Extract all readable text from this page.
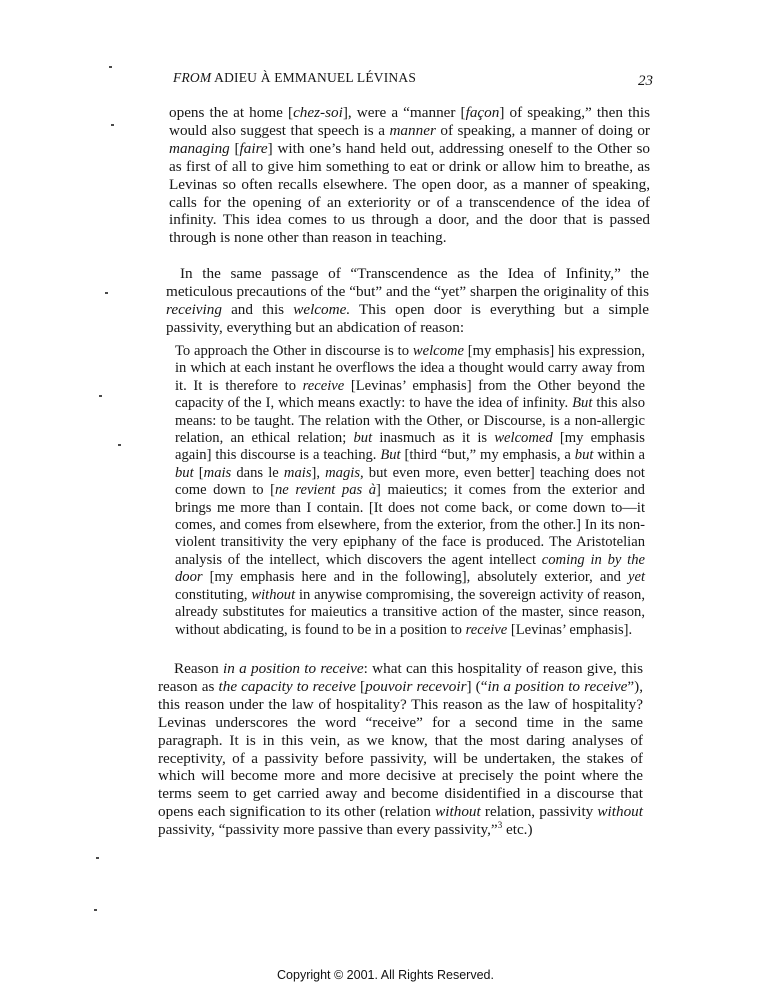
FROM ADIEU À EMMANUEL LÉVINAS	23

opens the at home [chez-soi], were a “manner [façon] of speaking,” then this would also suggest that speech is a manner of speaking, a manner of doing or managing [faire] with one’s hand held out, addressing oneself to the Other so as first of all to give him something to eat or drink or allow him to breathe, as Levinas so often recalls elsewhere. The open door, as a manner of speaking, calls for the opening of an exteriority or of a transcendence of the idea of infinity. This idea comes to us through a door, and the door that is passed through is none other than reason in teaching.

In the same passage of “Transcendence as the Idea of Infinity,” the meticulous precautions of the “but” and the “yet” sharpen the originality of this receiving and this welcome. This open door is everything but a simple passivity, everything but an abdication of reason:

To approach the Other in discourse is to welcome [my emphasis] his expression, in which at each instant he overflows the idea a thought would carry away from it. It is therefore to receive [Levinas’ emphasis] from the Other beyond the capacity of the I, which means exactly: to have the idea of infinity. But this also means: to be taught. The relation with the Other, or Discourse, is a non-allergic relation, an ethical relation; but inasmuch as it is welcomed [my emphasis again] this discourse is a teaching. But [third “but,” my emphasis, a but within a but [mais dans le mais], magis, but even more, even better] teaching does not come down to [ne revient pas à] maieutics; it comes from the exterior and brings me more than I contain. [It does not come back, or come down to—it comes, and comes from elsewhere, from the exterior, from the other.] In its non-violent transitivity the very epiphany of the face is produced. The Aristotelian analysis of the intellect, which discovers the agent intellect coming in by the door [my emphasis here and in the following], absolutely exterior, and yet constituting, without in anywise compromising, the sovereign activity of reason, already substitutes for maieutics a transitive action of the master, since reason, without abdicating, is found to be in a position to receive [Levinas’ emphasis].

Reason in a position to receive: what can this hospitality of reason give, this reason as the capacity to receive [pouvoir recevoir] (“in a position to receive”), this reason under the law of hospitality? This reason as the law of hospitality? Levinas underscores the word “receive” for a second time in the same paragraph. It is in this vein, as we know, that the most daring analyses of receptivity, of a passivity before passivity, will be undertaken, the stakes of which will become more and more decisive at precisely the point where the terms seem to get carried away and become disidentified in a discourse that opens each signification to its other (relation without relation, passivity without passivity, “passivity more passive than every passivity,”$^3$ etc.)

Copyright © 2001. All Rights Reserved.
